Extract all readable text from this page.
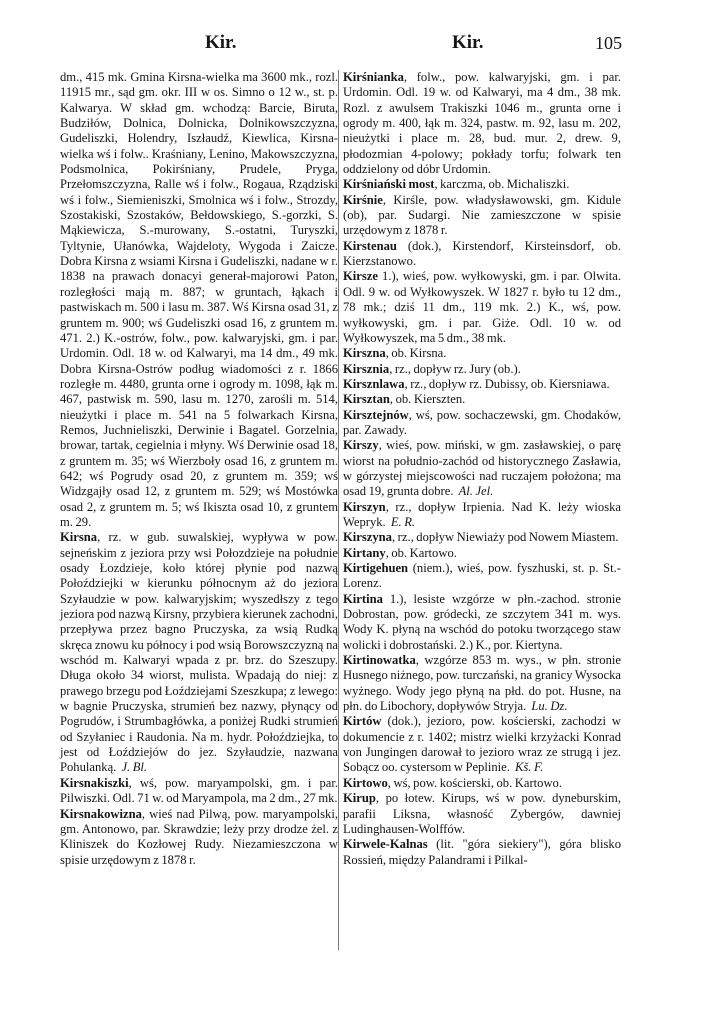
Kir.	Kir.	105

dm., 415 mk. Gmina Kirsna-wielka ma 3600 mk., rozl. 11915 mr., sąd gm. okr. III w os. Simno o 12 w., st. p. Kalwarya. W skład gm. wchodzą: Barcie, Biruta, Budziłów, Dolnica, Dolnicka, Dolnikowszczyzna, Gudeliszki, Holendry, Iszłaudź, Kiewlica, Kirsna-wielka wś i folw.. Kraśniany, Lenino, Makowszczyzna, Podsmolnica, Pokirśniany, Prudele, Pryga, Przełomszczyzna, Ralle wś i folw., Rogaua, Rządziski wś i folw., Siemieniszki, Smolnica wś i folw., Strozdy, Szostakiski, Szostaków, Bełdowskiego, S.-gorzki, S. Mąkiewicza, S.-murowany, S.-ostatni, Turyszki, Tyltynie, Ułanówka, Wajdeloty, Wygoda i Zaicze. Dobra Kirsna z wsiami Kirsna i Gudeliszki, nadane w r. 1838 na prawach donacyi generał-majorowi Paton, rozległości mają m. 887; w gruntach, łąkach i pastwiskach m. 500 i lasu m. 387. Wś Kirsna osad 31, z gruntem m. 900; wś Gudeliszki osad 16, z gruntem m. 471. 2.) K.-ostrów, folw., pow. kalwaryjski, gm. i par. Urdomin. Odl. 18 w. od Kalwaryi, ma 14 dm., 49 mk. Dobra Kirsna-Ostrów podług wiadomości z r. 1866 rozległe m. 4480, grunta orne i ogrody m. 1098, łąk m. 467, pastwisk m. 590, lasu m. 1270, zarośli m. 514, nieużytki i place m. 541 na 5 folwarkach Kirsna, Remos, Juchnieliszki, Derwinie i Bagatel. Gorzelnia, browar, tartak, cegielnia i młyny. Wś Derwinie osad 18, z gruntem m. 35; wś Wierzboły osad 16, z gruntem m. 642; wś Pogrudy osad 20, z gruntem m. 359; wś Widzgajły osad 12, z gruntem m. 529; wś Mostówka osad 2, z gruntem m. 5; wś Ikiszta osad 10, z gruntem m. 29.

Kirsna, rz. w gub. suwalskiej, wypływa w pow. sejneńskim z jeziora przy wsi Połozdzieje na południe osady Łozdzieje, koło której płynie pod nazwą Połoździejki w kierunku północnym aż do jeziora Szyłaudzie w pow. kalwaryjskim; wyszedłszy z tego jeziora pod nazwą Kirsny, przybiera kierunek zachodni, przepływa przez bagno Pruczyska, za wsią Rudką skręca znowu ku północy i pod wsią Borowszczyzną na wschód m. Kalwaryi wpada z pr. brz. do Szeszupy. Długa około 34 wiorst, mulista. Wpadają do niej: z prawego brzegu pod Łoździejami Szeszkupa; z lewego: w bagnie Pruczyska, strumień bez nazwy, płynący od Pogrudów, i Strumbagłówka, a poniżej Rudki strumień od Szyłaniec i Raudonia. Na m. hydr. Połoździejka, to jest od Łoździejów do jez. Szyłaudzie, nazwana Pohulanką. J. Bl.

Kirsnakiszki, wś, pow. maryampolski, gm. i par. Pilwiszki. Odl. 71 w. od Maryampola, ma 2 dm., 27 mk.

Kirsnakowizna, wieś nad Pilwą, pow. maryampolski, gm. Antonowo, par. Skrawdzie; leży przy drodze żel. z Kliniszek do Kozłowej Rudy. Niezamieszczona w spisie urzędowym z 1878 r.

Kirśnianka, folw., pow. kalwaryjski, gm. i par. Urdomin. Odl. 19 w. od Kalwaryi, ma 4 dm., 38 mk. Rozl. z awulsem Trakiszki 1046 m., grunta orne i ogrody m. 400, łąk m. 324, pastw. m. 92, lasu m. 202, nieużytki i place m. 28, bud. mur. 2, drew. 9, płodozmian 4-polowy; pokłady torfu; folwark ten oddzielony od dóbr Urdomin.

Kirśniański most, karczma, ob. Michaliszki.

Kirśnie, Kirśle, pow. władysławowski, gm. Kidule (ob), par. Sudargi. Nie zamieszczone w spisie urzędowym z 1878 r.

Kirstenau (dok.), Kirstendorf, Kirsteinsdorf, ob. Kierzstanowo.

Kirsze 1.), wieś, pow. wyłkowyski, gm. i par. Olwita. Odl. 9 w. od Wyłkowyszek. W 1827 r. było tu 12 dm., 78 mk.; dziś 11 dm., 119 mk. 2.) K., wś, pow. wyłkowyski, gm. i par. Giże. Odl. 10 w. od Wyłkowyszek, ma 5 dm., 38 mk.

Kirszna, ob. Kirsna.

Kirsznia, rz., dopływ rz. Jury (ob.).

Kirsznlawa, rz., dopływ rz. Dubissy, ob. Kiersniawa.

Kirsztan, ob. Kierszten.

Kirsztejnów, wś, pow. sochaczewski, gm. Chodaków, par. Zawady.

Kirszy, wieś, pow. miński, w gm. zasławskiej, o parę wiorst na południo-zachód od historycznego Zasławia, w górzystej miejscowości nad ruczajem położona; ma osad 19, grunta dobre. Al. Jel.

Kirszyn, rz., dopływ Irpienia. Nad K. leży wioska Wepryk. E. R.

Kirszyna, rz., dopływ Niewiaży pod Nowem Miastem.

Kirtany, ob. Kartowo.

Kirtigehuen (niem.), wieś, pow. fyszhuski, st. p. St.-Lorenz.

Kirtina 1.), lesiste wzgórze w płn.-zachod. stronie Dobrostan, pow. gródecki, ze szczytem 341 m. wys. Wody K. płyną na wschód do potoku tworzącego staw wolicki i dobrostański. 2.) K., por. Kiertyna.

Kirtinowatka, wzgórze 853 m. wys., w płn. stronie Husnego niżnego, pow. turczański, na granicy Wysocka wyżnego. Wody jego płyną na płd. do pot. Husne, na płn. do Libochory, dopływów Stryja. Lu. Dz.

Kirtów (dok.), jezioro, pow. kościerski, zachodzi w dokumencie z r. 1402; mistrz wielki krzyżacki Konrad von Jungingen darował to jezioro wraz ze strugą i jez. Sobącz oo. cystersom w Peplinie. Kš. F.

Kirtowo, wś, pow. kościerski, ob. Kartowo.

Kirup, po łotew. Kirups, wś w pow. dyneburskim, parafii Liksna, własność Zybergów, dawniej Ludinghausen-Wolffów.

Kirwele-Kalnas (lit. "góra siekiery"), góra blisko Rossień, między Palandrami i Pilkal-
